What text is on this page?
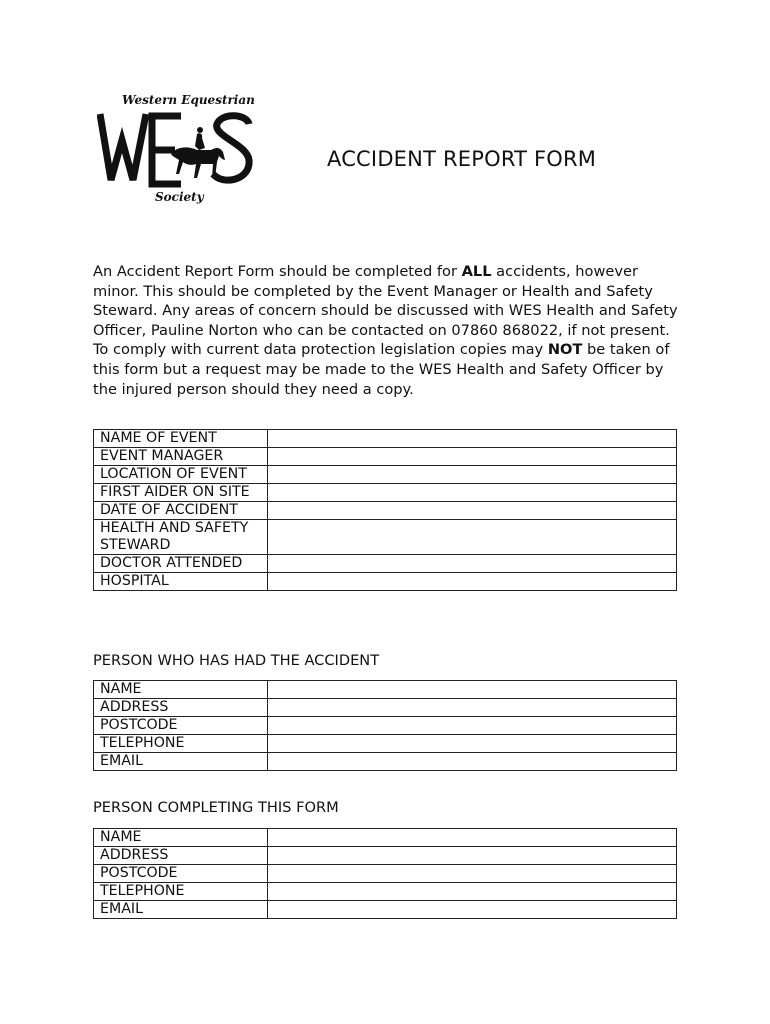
Western Equestrian
Society
ACCIDENT REPORT FORM

An Accident Report Form should be completed for ALL accidents, however minor. This should be completed by the Event Manager or Health and Safety Steward. Any areas of concern should be discussed with WES Health and Safety Officer, Pauline Norton who can be contacted on 07860 868022, if not present. To comply with current data protection legislation copies may NOT be taken of this form but a request may be made to the WES Health and Safety Officer by the injured person should they need a copy.

NAME OF EVENT	
EVENT MANAGER	
LOCATION OF EVENT	
FIRST AIDER ON SITE	
DATE OF ACCIDENT	
HEALTH AND SAFETY STEWARD	
DOCTOR ATTENDED	
HOSPITAL	
PERSON WHO HAS HAD THE ACCIDENT
NAME	
ADDRESS	
POSTCODE	
TELEPHONE	
EMAIL	
PERSON COMPLETING THIS FORM
NAME	
ADDRESS	
POSTCODE	
TELEPHONE	
EMAIL	
